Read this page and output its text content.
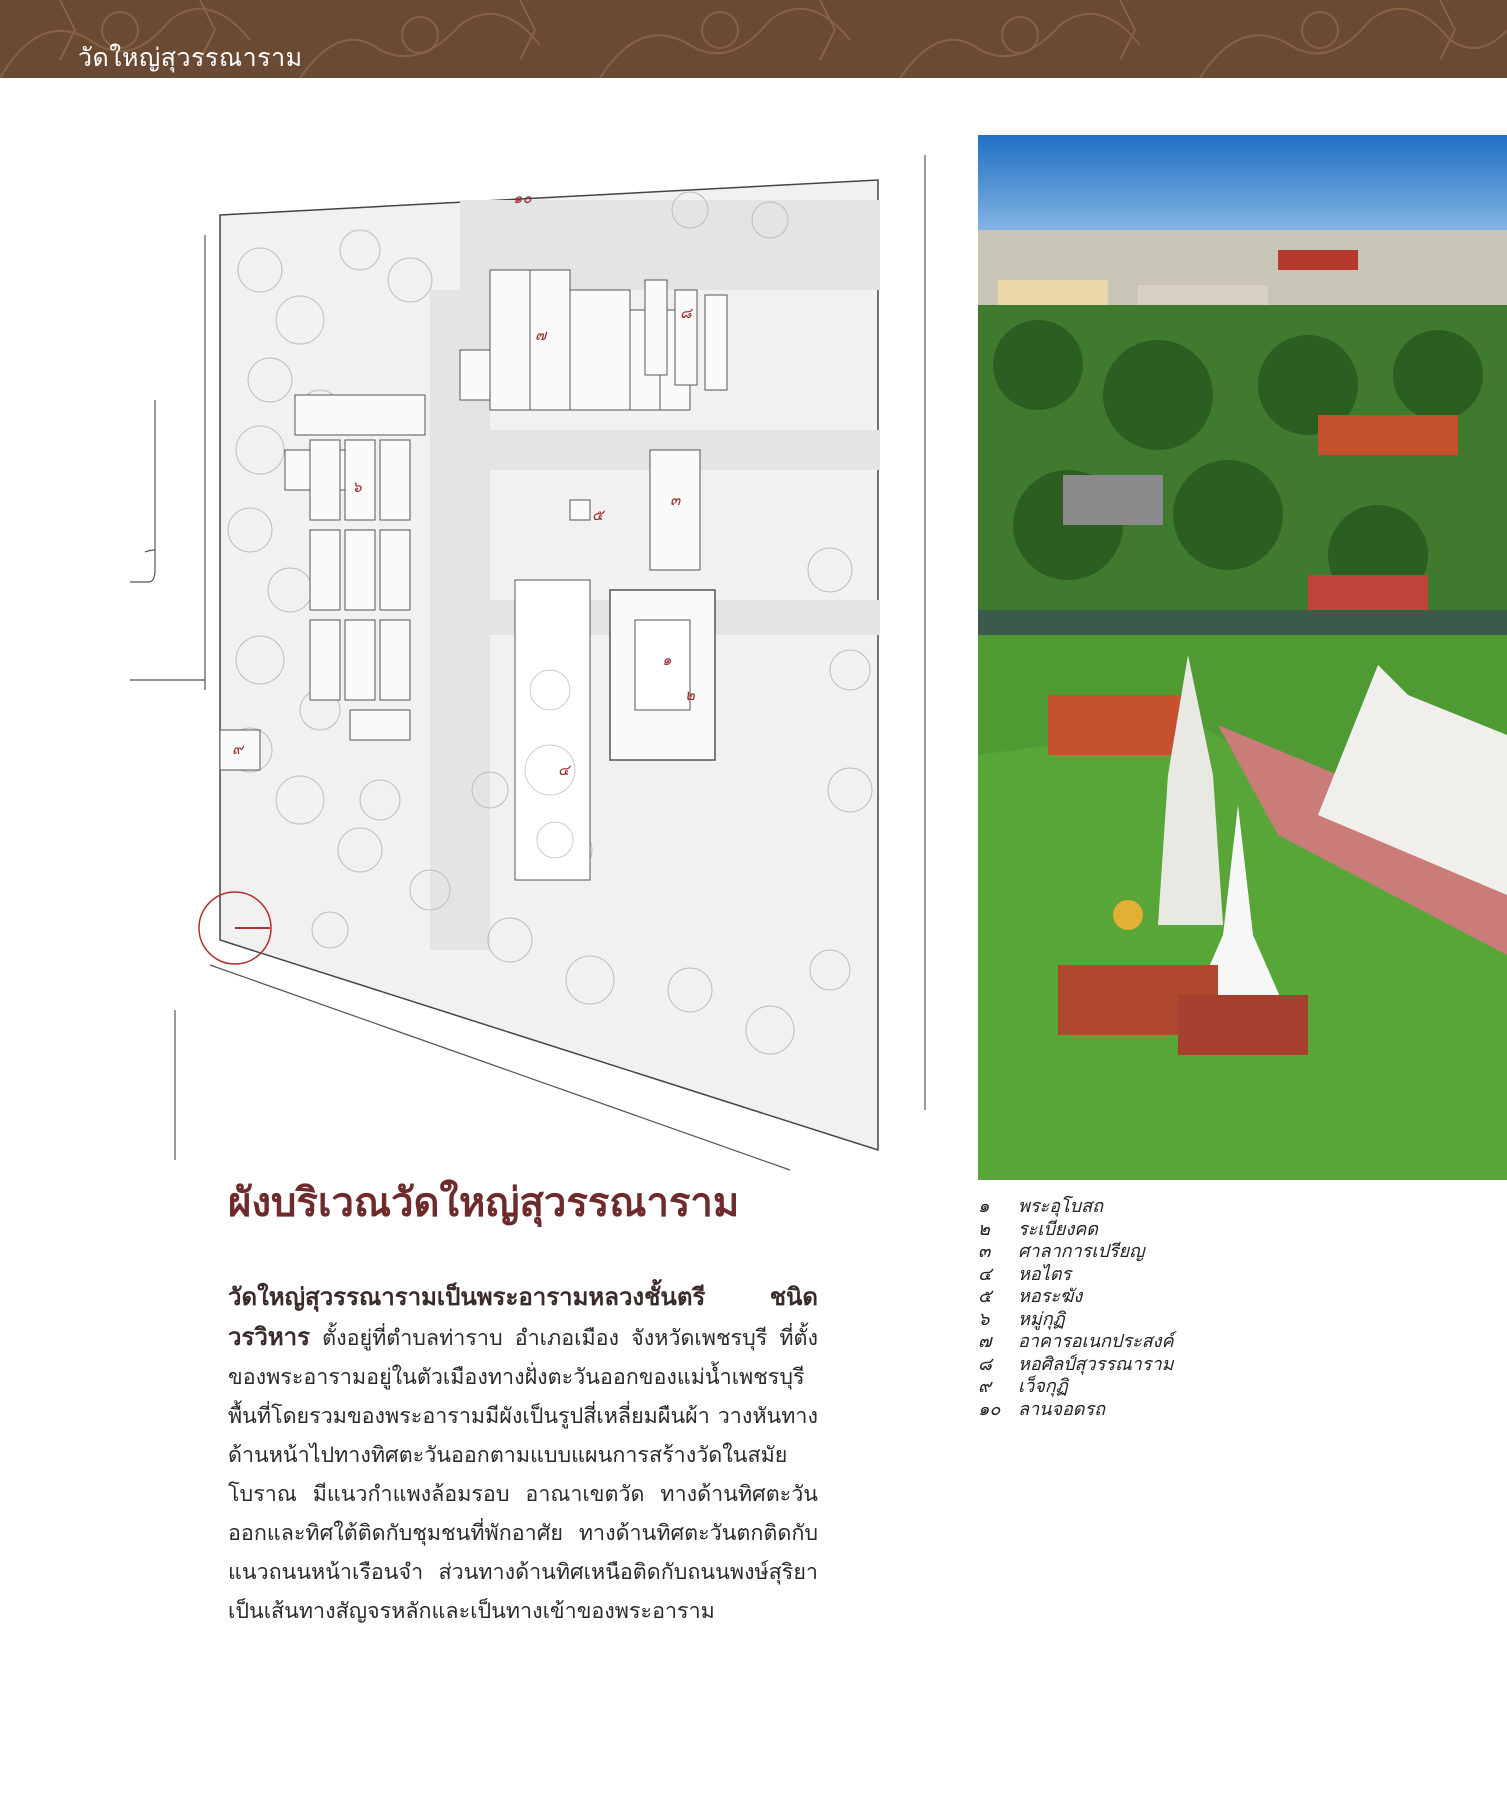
วัดใหญ่สุวรรณาราม
๑๐
๗
๘
๖
๓
๕
๑
๒
๔
๙
ผังบริเวณวัดใหญ่สุวรรณาราม
วัดใหญ่สุวรรณารามเป็นพระอารามหลวงชั้นตรี ชนิดวรวิหาร ตั้งอยู่ที่ตำบลท่าราบ อำเภอเมือง จังหวัดเพชรบุรี ที่ตั้งของพระอารามอยู่ในตัวเมืองทางฝั่งตะวันออกของแม่น้ำเพชรบุรี พื้นที่โดยรวมของพระอารามมีผังเป็นรูปสี่เหลี่ยมผืนผ้า วางหันทางด้านหน้าไปทางทิศตะวันออกตามแบบแผนการสร้างวัดในสมัยโบราณ มีแนวกำแพงล้อมรอบ อาณาเขตวัด ทางด้านทิศตะวันออกและทิศใต้ติดกับชุมชนที่พักอาศัย ทางด้านทิศตะวันตกติดกับแนวถนนหน้าเรือนจำ ส่วนทางด้านทิศเหนือติดกับถนนพงษ์สุริยา เป็นเส้นทางสัญจรหลักและเป็นทางเข้าของพระอาราม
๑ พระอุโบสถ
๒ ระเบียงคด
๓ ศาลาการเปรียญ
๔ หอไตร
๕ หอระฆัง
๖ หมู่กุฏิ
๗ อาคารอเนกประสงค์
๘ หอศิลป์สุวรรณาราม
๙ เว็จกุฏิ
๑๐ ลานจอดรถ
